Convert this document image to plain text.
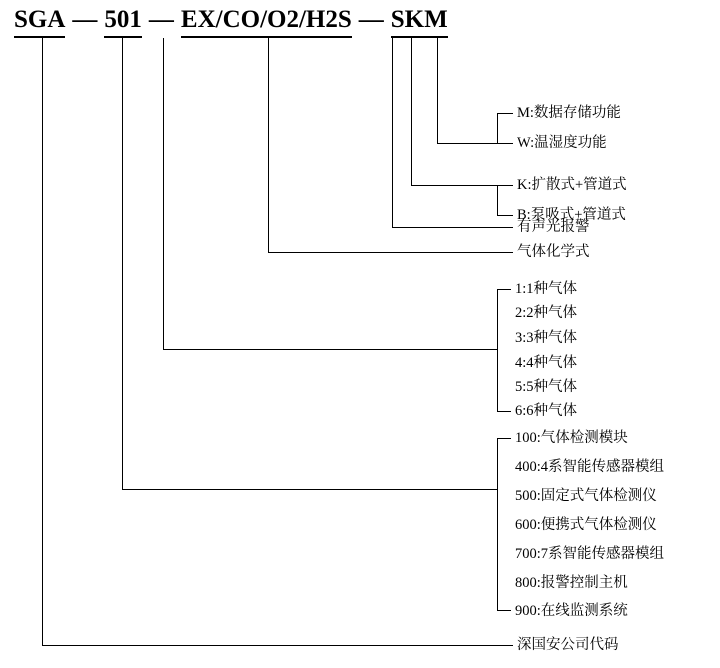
SGA — 501 — EX/CO/O2/H2S — SK M
M:数据存储功能
W:温湿度功能
K:扩散式+管道式
B:泵吸式+管道式
有声光报警
气体化学式
1:1种气体
2:2种气体
3:3种气体
4:4种气体
5:5种气体
6:6种气体
100:气体检测模块
400:4系智能传感器模组
500:固定式气体检测仪
600:便携式气体检测仪
700:7系智能传感器模组
800:报警控制主机
900:在线监测系统
深国安公司代码
